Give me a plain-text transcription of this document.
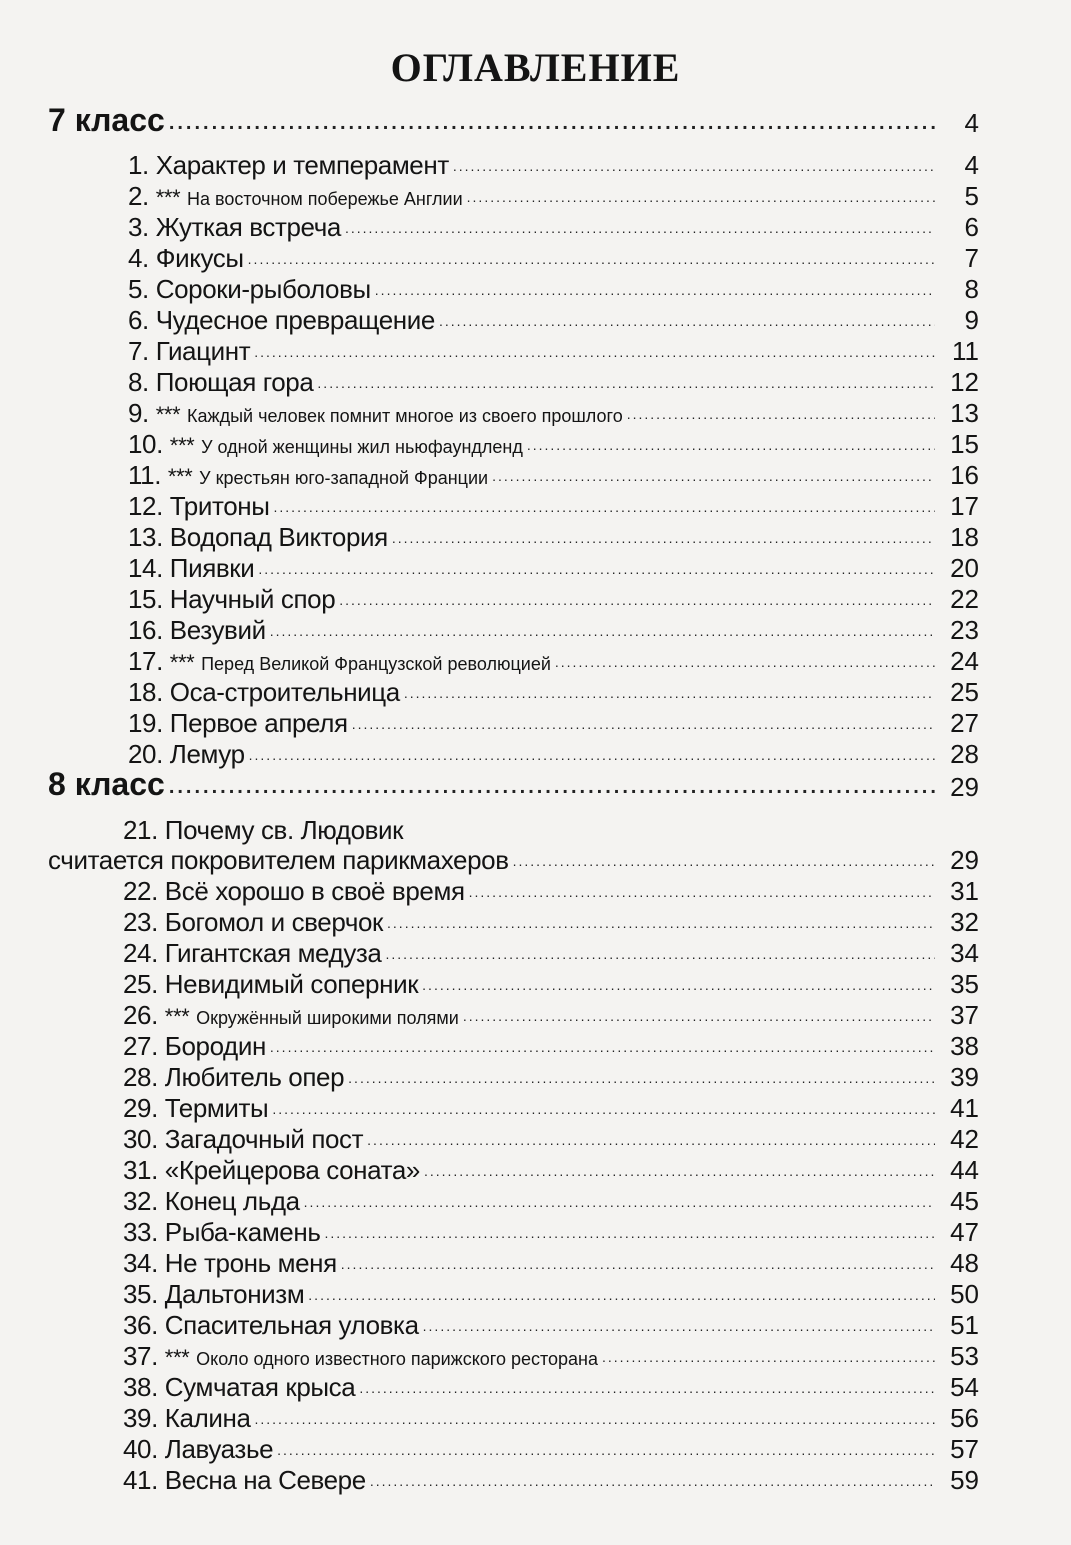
ОГЛАВЛЕНИЕ
7 класс .....	4
1. Характер и темперамент .....	4
2. *** На восточном побережье Англии .....	5
3. Жуткая встреча .....	6
4. Фикусы .....	7
5. Сороки-рыболовы .....	8
6. Чудесное превращение .....	9
7. Гиацинт .....	11
8. Поющая гора .....	12
9. *** Каждый человек помнит многое из своего прошлого .....	13
10. *** У одной женщины жил ньюфаундленд .....	15
11. *** У крестьян юго-западной Франции .....	16
12. Тритоны .....	17
13. Водопад Виктория .....	18
14. Пиявки .....	20
15. Научный спор .....	22
16. Везувий .....	23
17. *** Перед Великой Французской революцией .....	24
18. Оса-строительница .....	25
19. Первое апреля .....	27
20. Лемур .....	28
8 класс .....	29
21. Почему св. Людовик
считается покровителем парикмахеров .....	29
22. Всё хорошо в своё время .....	31
23. Богомол и сверчок .....	32
24. Гигантская медуза .....	34
25. Невидимый соперник .....	35
26. *** Окружённый широкими полями .....	37
27. Бородин .....	38
28. Любитель опер .....	39
29. Термиты .....	41
30. Загадочный пост .....	42
31. «Крейцерова соната» .....	44
32. Конец льда .....	45
33. Рыба-камень .....	47
34. Не тронь меня .....	48
35. Дальтонизм .....	50
36. Спасительная уловка .....	51
37. *** Около одного известного парижского ресторана .....	53
38. Сумчатая крыса .....	54
39. Калина .....	56
40. Лавуазье .....	57
41. Весна на Севере .....	59
